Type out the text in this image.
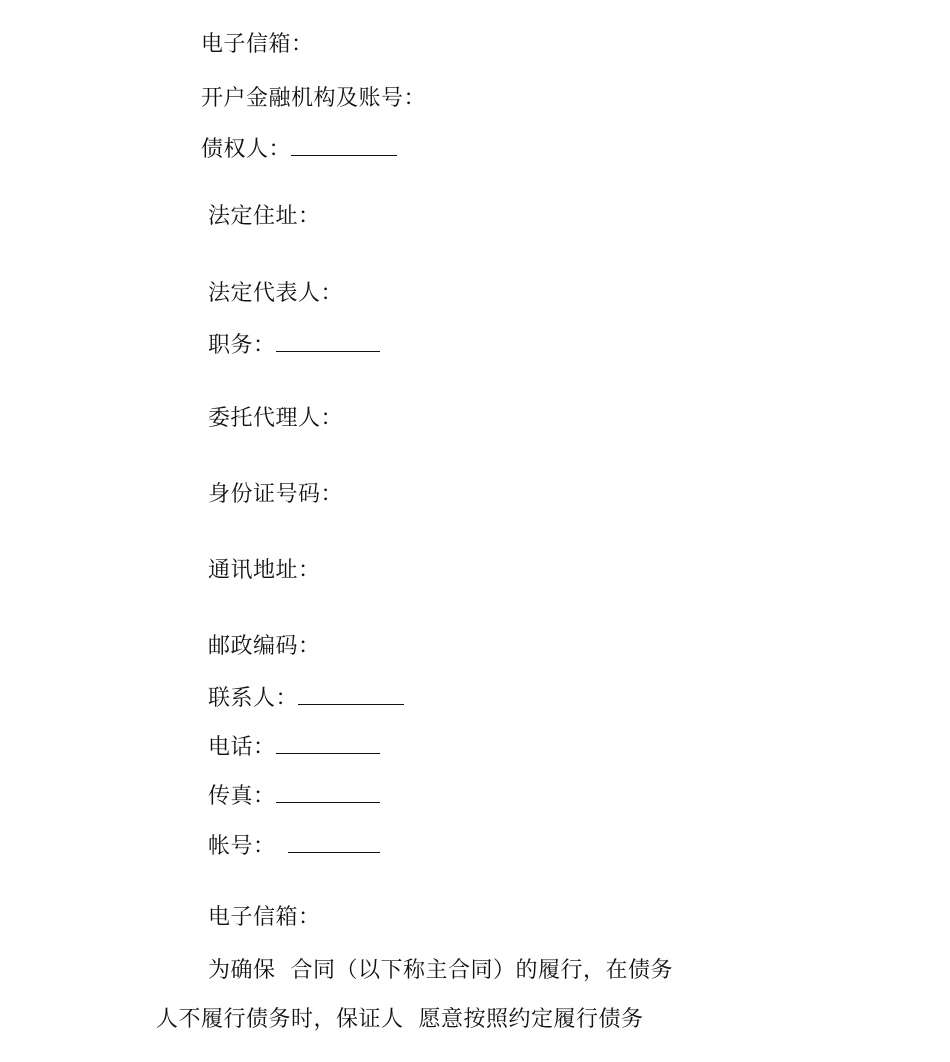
电子信箱：

开户金融机构及账号：

债权人：

法定住址：

法定代表人：

职务：

委托代理人：

身份证号码：

通讯地址：

邮政编码：

联系人：

电话：

传真：

帐号：

电子信箱：

为确保  合同（以下称主合同）的履行，在债务

人不履行债务时，保证人  愿意按照约定履行债务
